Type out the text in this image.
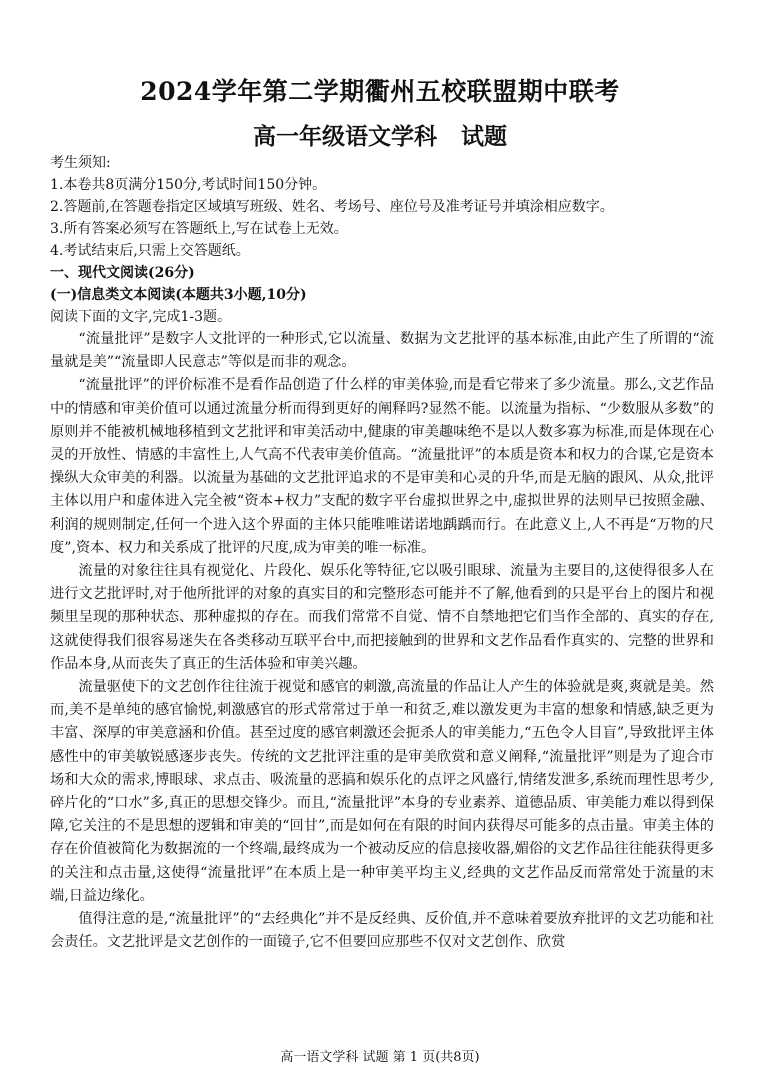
2024学年第二学期衢州五校联盟期中联考
高一年级语文学科 试题
考生须知:
1.本卷共8页满分150分,考试时间150分钟。
2.答题前,在答题卷指定区域填写班级、姓名、考场号、座位号及准考证号并填涂相应数字。
3.所有答案必须写在答题纸上,写在试卷上无效。
4.考试结束后,只需上交答题纸。
一、现代文阅读(26分)
(一)信息类文本阅读(本题共3小题,10分)
阅读下面的文字,完成1-3题。

“流量批评”是数字人文批评的一种形式,它以流量、数据为文艺批评的基本标准,由此产生了所谓的“流量就是美”“流量即人民意志”等似是而非的观念。

“流量批评”的评价标准不是看作品创造了什么样的审美体验,而是看它带来了多少流量。那么,文艺作品中的情感和审美价值可以通过流量分析而得到更好的阐释吗?显然不能。以流量为指标、“少数服从多数”的原则并不能被机械地移植到文艺批评和审美活动中,健康的审美趣味绝不是以人数多寡为标准,而是体现在心灵的开放性、情感的丰富性上,人气高不代表审美价值高。“流量批评”的本质是资本和权力的合谋,它是资本操纵大众审美的利器。以流量为基础的文艺批评追求的不是审美和心灵的升华,而是无脑的跟风、从众,批评主体以用户和虚体进入完全被“资本+权力”支配的数字平台虚拟世界之中,虚拟世界的法则早已按照金融、利润的规则制定,任何一个进入这个界面的主体只能唯唯诺诺地踽踽而行。在此意义上,人不再是“万物的尺度”,资本、权力和关系成了批评的尺度,成为审美的唯一标准。

流量的对象往往具有视觉化、片段化、娱乐化等特征,它以吸引眼球、流量为主要目的,这使得很多人在进行文艺批评时,对于他所批评的对象的真实目的和完整形态可能并不了解,他看到的只是平台上的图片和视频里呈现的那种状态、那种虚拟的存在。而我们常常不自觉、情不自禁地把它们当作全部的、真实的存在,这就使得我们很容易迷失在各类移动互联平台中,而把接触到的世界和文艺作品看作真实的、完整的世界和作品本身,从而丧失了真正的生活体验和审美兴趣。

流量驱使下的文艺创作往往流于视觉和感官的刺激,高流量的作品让人产生的体验就是爽,爽就是美。然而,美不是单纯的感官愉悦,刺激感官的形式常常过于单一和贫乏,难以激发更为丰富的想象和情感,缺乏更为丰富、深厚的审美意涵和价值。甚至过度的感官刺激还会扼杀人的审美能力,“五色令人目盲”,导致批评主体感性中的审美敏锐感逐步丧失。传统的文艺批评注重的是审美欣赏和意义阐释,“流量批评”则是为了迎合市场和大众的需求,博眼球、求点击、吸流量的恶搞和娱乐化的点评之风盛行,情绪发泄多,系统而理性思考少,碎片化的“口水”多,真正的思想交锋少。而且,“流量批评”本身的专业素养、道德品质、审美能力难以得到保障,它关注的不是思想的逻辑和审美的“回甘”,而是如何在有限的时间内获得尽可能多的点击量。审美主体的存在价值被简化为数据流的一个终端,最终成为一个被动反应的信息接收器,媚俗的文艺作品往往能获得更多的关注和点击量,这使得“流量批评”在本质上是一种审美平均主义,经典的文艺作品反而常常处于流量的末端,日益边缘化。

值得注意的是,“流量批评”的“去经典化”并不是反经典、反价值,并不意味着要放弃批评的文艺功能和社会责任。文艺批评是文艺创作的一面镜子,它不但要回应那些不仅对文艺创作、欣赏

高一语文学科 试题 第 1 页(共8页)
